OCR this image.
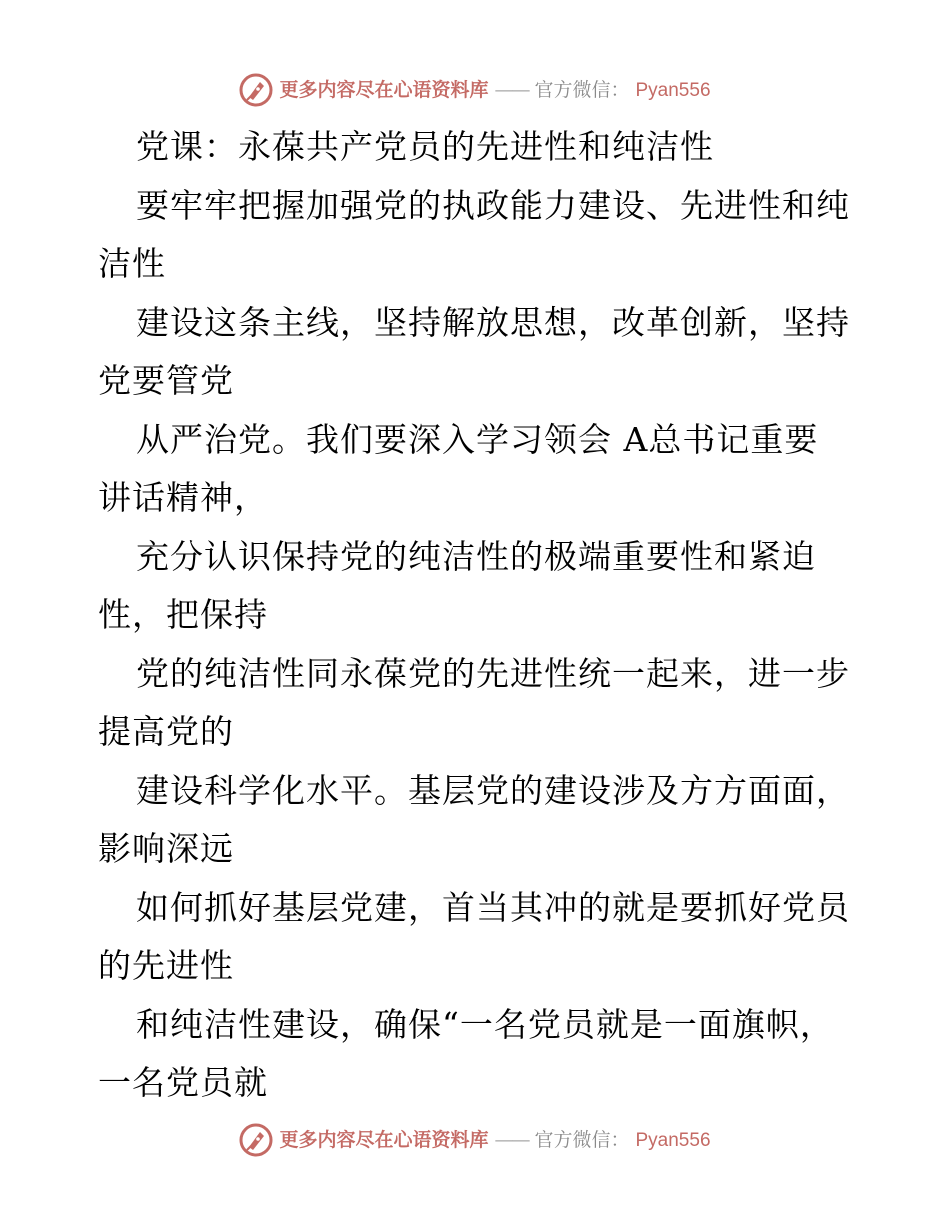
更多内容尽在心语资料库 —— 官方微信： Pyan556

党课：永葆共产党员的先进性和纯洁性

要牢牢把握加强党的执政能力建设、先进性和纯

洁性

建设这条主线，坚持解放思想，改革创新，坚持

党要管党

从严治党。我们要深入学习领会 A总书记重要

讲话精神，

充分认识保持党的纯洁性的极端重要性和紧迫

性，把保持

党的纯洁性同永葆党的先进性统一起来，进一步

提高党的

建设科学化水平。基层党的建设涉及方方面面，

影响深远

如何抓好基层党建，首当其冲的就是要抓好党员

的先进性

和纯洁性建设，确保“一名党员就是一面旗帜，

一名党员就

更多内容尽在心语资料库 —— 官方微信： Pyan556
